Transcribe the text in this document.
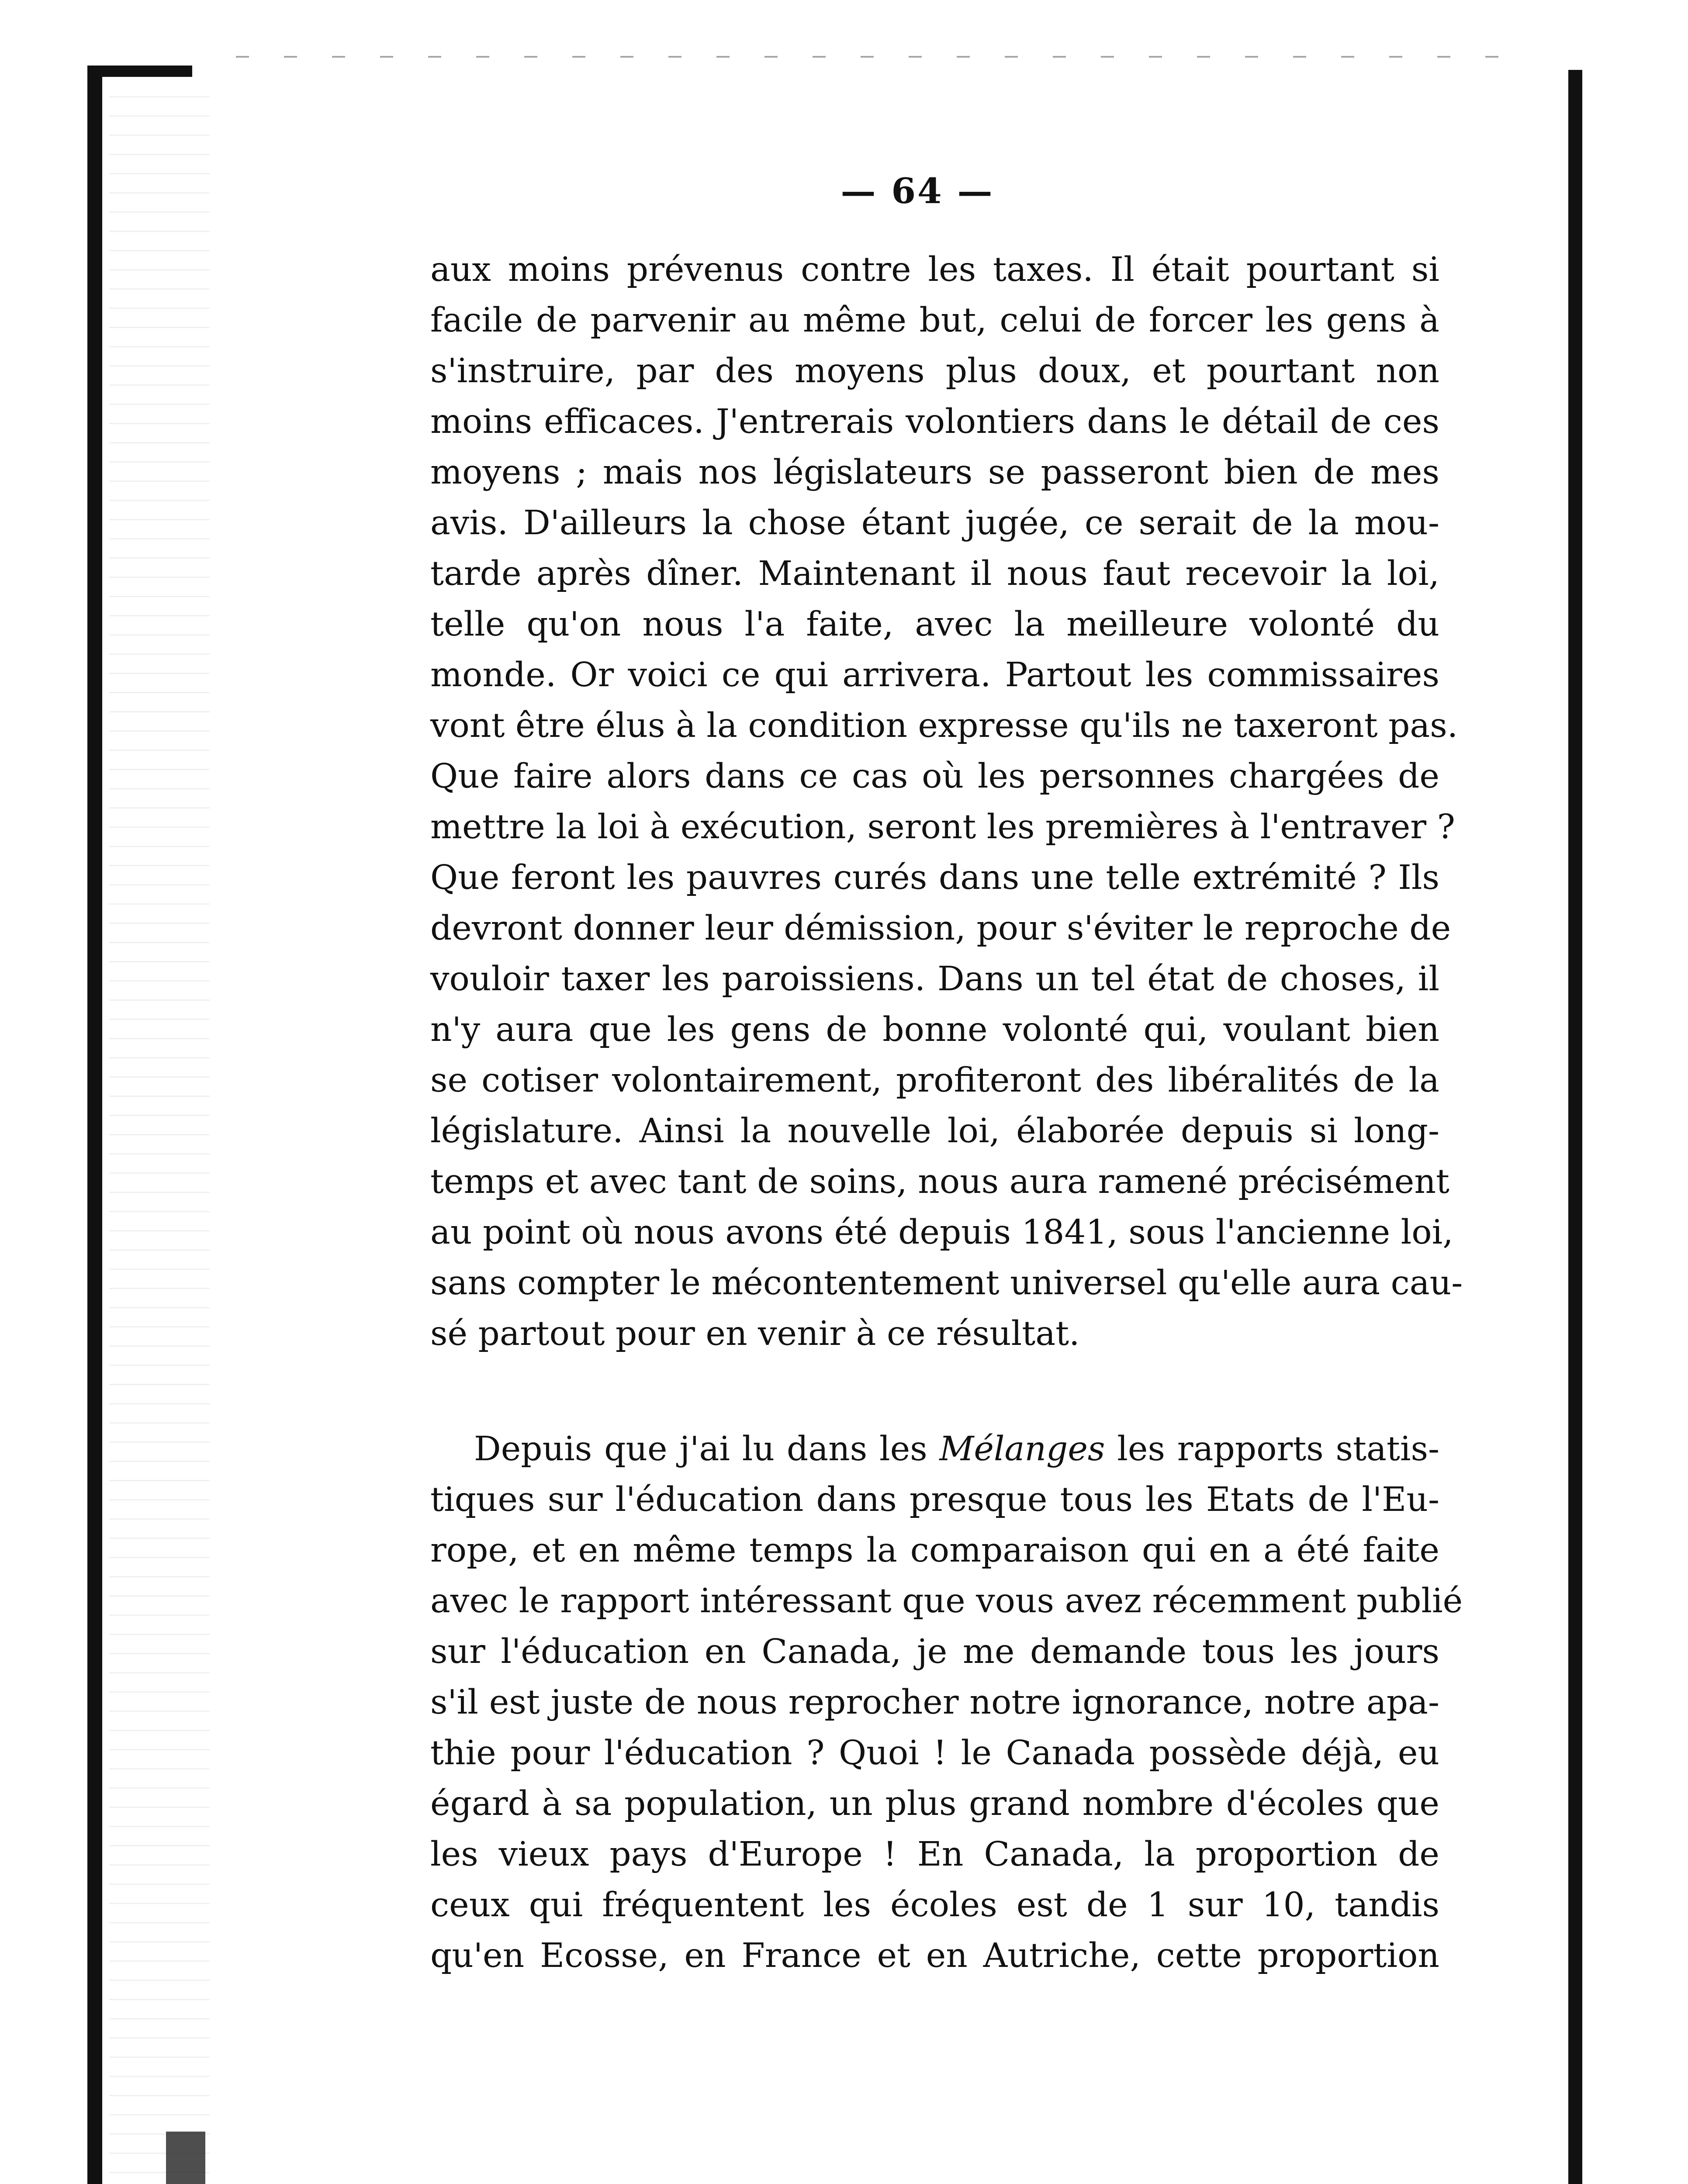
— 64 —
aux moins prévenus contre les taxes. Il était pourtant si
facile de parvenir au même but, celui de forcer les gens à
s'instruire, par des moyens plus doux, et pourtant non
moins efficaces. J'entrerais volontiers dans le détail de ces
moyens ; mais nos législateurs se passeront bien de mes
avis. D'ailleurs la chose étant jugée, ce serait de la mou-
tarde après dîner. Maintenant il nous faut recevoir la loi,
telle qu'on nous l'a faite, avec la meilleure volonté du
monde. Or voici ce qui arrivera. Partout les commissaires
vont être élus à la condition expresse qu'ils ne taxeront pas.
Que faire alors dans ce cas où les personnes chargées de
mettre la loi à exécution, seront les premières à l'entraver ?
Que feront les pauvres curés dans une telle extrémité ? Ils
devront donner leur démission, pour s'éviter le reproche de
vouloir taxer les paroissiens. Dans un tel état de choses, il
n'y aura que les gens de bonne volonté qui, voulant bien
se cotiser volontairement, profiteront des libéralités de la
législature. Ainsi la nouvelle loi, élaborée depuis si long-
temps et avec tant de soins, nous aura ramené précisément
au point où nous avons été depuis 1841, sous l'ancienne loi,
sans compter le mécontentement universel qu'elle aura cau-
sé partout pour en venir à ce résultat.
Depuis que j'ai lu dans les Mélanges les rapports statis-
tiques sur l'éducation dans presque tous les Etats de l'Eu-
rope, et en même temps la comparaison qui en a été faite
avec le rapport intéressant que vous avez récemment publié
sur l'éducation en Canada, je me demande tous les jours
s'il est juste de nous reprocher notre ignorance, notre apa-
thie pour l'éducation ? Quoi ! le Canada possède déjà, eu
égard à sa population, un plus grand nombre d'écoles que
les vieux pays d'Europe ! En Canada, la proportion de
ceux qui fréquentent les écoles est de 1 sur 10, tandis
qu'en Ecosse, en France et en Autriche, cette proportion
